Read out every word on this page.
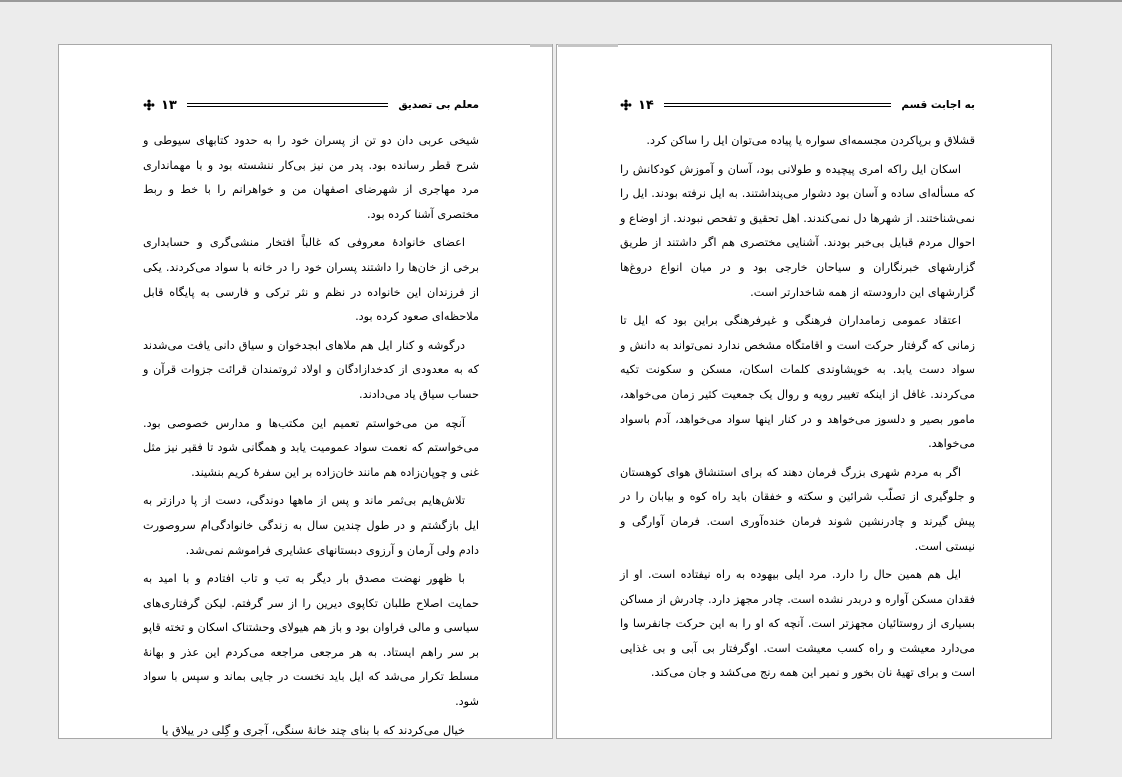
معلم بی تصدیق
۱۳

شیخی عربی دان دو تن از پسران خود را به حدود کتابهای سیوطی و شرح قطر رسانده بود. پدر من نیز بی‌کار ننشسته بود و با مهمانداری مرد مهاجری از شهرضای اصفهان من و خواهرانم را با خط و ربط مختصری آشنا کرده بود.

اعضای خانوادهٔ معروفی که غالباً افتخار منشی‌گری و حسابداری برخی از خان‌ها را داشتند پسران خود را در خانه با سواد می‌کردند. یکی از فرزندان این خانواده در نظم و نثر ترکی و فارسی به پایگاه قابل ملاحظه‌ای صعود کرده بود.

درگوشه و کنار ایل هم ملاهای ابجدخوان و سیاق دانی یافت می‌شدند که به معدودی از کدخدازادگان و اولاد ثروتمندان قرائت جزوات قرآن و حساب سیاق یاد می‌دادند.

آنچه من می‌خواستم تعمیم این مکتب‌ها و مدارس خصوصی بود. می‌خواستم که نعمت سواد عمومیت یابد و همگانی شود تا فقیر نیز مثل غنی و چوپان‌زاده هم مانند خان‌زاده بر این سفرهٔ کریم بنشیند.

تلاش‌هایم بی‌ثمر ماند و پس از ماهها دوندگی، دست از پا درازتر به ایل بازگشتم و در طول چندین سال به زندگی خانوادگی‌ام سروصورت دادم ولی آرمان و آرزوی دبستانهای عشایری فراموشم نمی‌شد.

با ظهور نهضت مصدق بار دیگر به تب و تاب افتادم و با امید به حمایت اصلاح طلبان تکاپوی دیرین را از سر گرفتم. لیکن گرفتاری‌های سیاسی و مالی فراوان بود و باز هم هیولای وحشتناک اسکان و تخته قاپو بر سر راهم ایستاد. به هر مرجعی مراجعه می‌کردم این عذر و بهانهٔ مسلط تکرار می‌شد که ایل باید نخست در جایی بماند و سپس با سواد شود.

خیال می‌کردند که با بنای چند خانهٔ سنگی، آجری و گِلی در ییلاق یا

به اجابت قسم
۱۴

قشلاق و برپاکردن مجسمه‌ای سواره یا پیاده می‌توان ایل را ساکن کرد.

اسکان ایل راکه امری پیچیده و طولانی بود، آسان و آموزش کودکانش را که مسأله‌ای ساده و آسان بود دشوار می‌پنداشتند. به ایل نرفته بودند. ایل را نمی‌شناختند. از شهرها دل نمی‌کندند. اهل تحقیق و تفحص نبودند. از اوضاع و احوال مردم قبایل بی‌خبر بودند. آشنایی مختصری هم اگر داشتند از طریق گزارشهای خبرنگاران و سیاحان خارجی بود و در میان انواع دروغ‌ها گزارشهای این دارودسته از همه شاخدارتر است.

اعتقاد عمومی زمامداران فرهنگی و غیرفرهنگی براین بود که ایل تا زمانی که گرفتار حرکت است و اقامتگاه مشخص ندارد نمی‌تواند به دانش و سواد دست یابد. به خویشاوندی کلمات اسکان، مسکن و سکونت تکیه می‌کردند. غافل از اینکه تغییر رویه و روال یک جمعیت کثیر زمان می‌خواهد، مامور بصیر و دلسوز می‌خواهد و در کنار اینها سواد می‌خواهد، آدم باسواد می‌خواهد.

اگر به مردم شهری بزرگ فرمان دهند که برای استنشاق هوای کوهستان و جلوگیری از تصلّب شرائین و سکته و خفقان باید راه کوه و بیابان را در پیش گیرند و چادرنشین شوند فرمان خنده‌آوری است. فرمان آوارگی و نیستی است.

ایل هم همین حال را دارد. مرد ایلی بیهوده به راه نیفتاده است. او از فقدان مسکن آواره و دربدر نشده است. چادر مجهز دارد. چادرش از مساکن بسیاری از روستائیان مجهزتر است. آنچه که او را به این حرکت جانفرسا وا می‌دارد معیشت و راه کسب معیشت است. اوگرفتار بی آبی و بی غذایی است و برای تهیهٔ نان بخور و نمیر این همه رنج می‌کشد و جان می‌کند.
